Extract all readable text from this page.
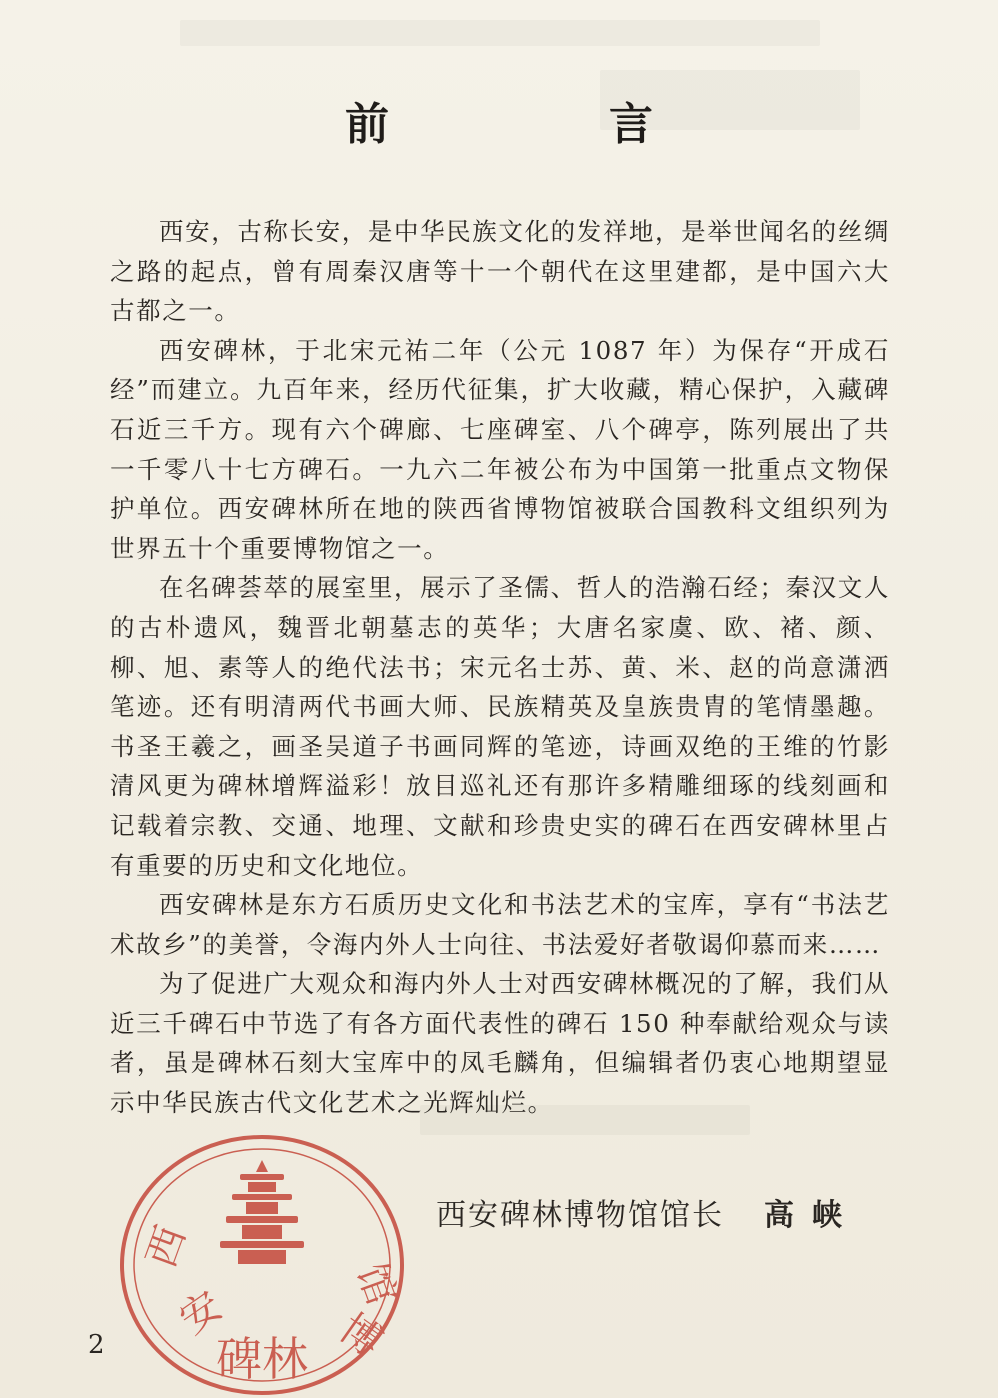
前　言

西安，古称长安，是中华民族文化的发祥地，是举世闻名的丝绸之路的起点，曾有周秦汉唐等十一个朝代在这里建都，是中国六大古都之一。

西安碑林，于北宋元祐二年（公元 1087 年）为保存“开成石经”而建立。九百年来，经历代征集，扩大收藏，精心保护，入藏碑石近三千方。现有六个碑廊、七座碑室、八个碑亭，陈列展出了共一千零八十七方碑石。一九六二年被公布为中国第一批重点文物保护单位。西安碑林所在地的陕西省博物馆被联合国教科文组织列为世界五十个重要博物馆之一。

在名碑荟萃的展室里，展示了圣儒、哲人的浩瀚石经；秦汉文人的古朴遗风，魏晋北朝墓志的英华；大唐名家虞、欧、褚、颜、柳、旭、素等人的绝代法书；宋元名士苏、黄、米、赵的尚意潇洒笔迹。还有明清两代书画大师、民族精英及皇族贵胄的笔情墨趣。书圣王羲之，画圣吴道子书画同辉的笔迹，诗画双绝的王维的竹影清风更为碑林增辉溢彩！放目巡礼还有那许多精雕细琢的线刻画和记载着宗教、交通、地理、文献和珍贵史实的碑石在西安碑林里占有重要的历史和文化地位。

西安碑林是东方石质历史文化和书法艺术的宝库，享有“书法艺术故乡”的美誉，令海内外人士向往、书法爱好者敬谒仰慕而来……

为了促进广大观众和海内外人士对西安碑林概况的了解，我们从近三千碑石中节选了有各方面代表性的碑石 150 种奉献给观众与读者，虽是碑林石刻大宝库中的凤毛麟角，但编辑者仍衷心地期望显示中华民族古代文化艺术之光辉灿烂。

西
安
碑林 博
馆
西安碑林博物馆馆长 高峡
2
